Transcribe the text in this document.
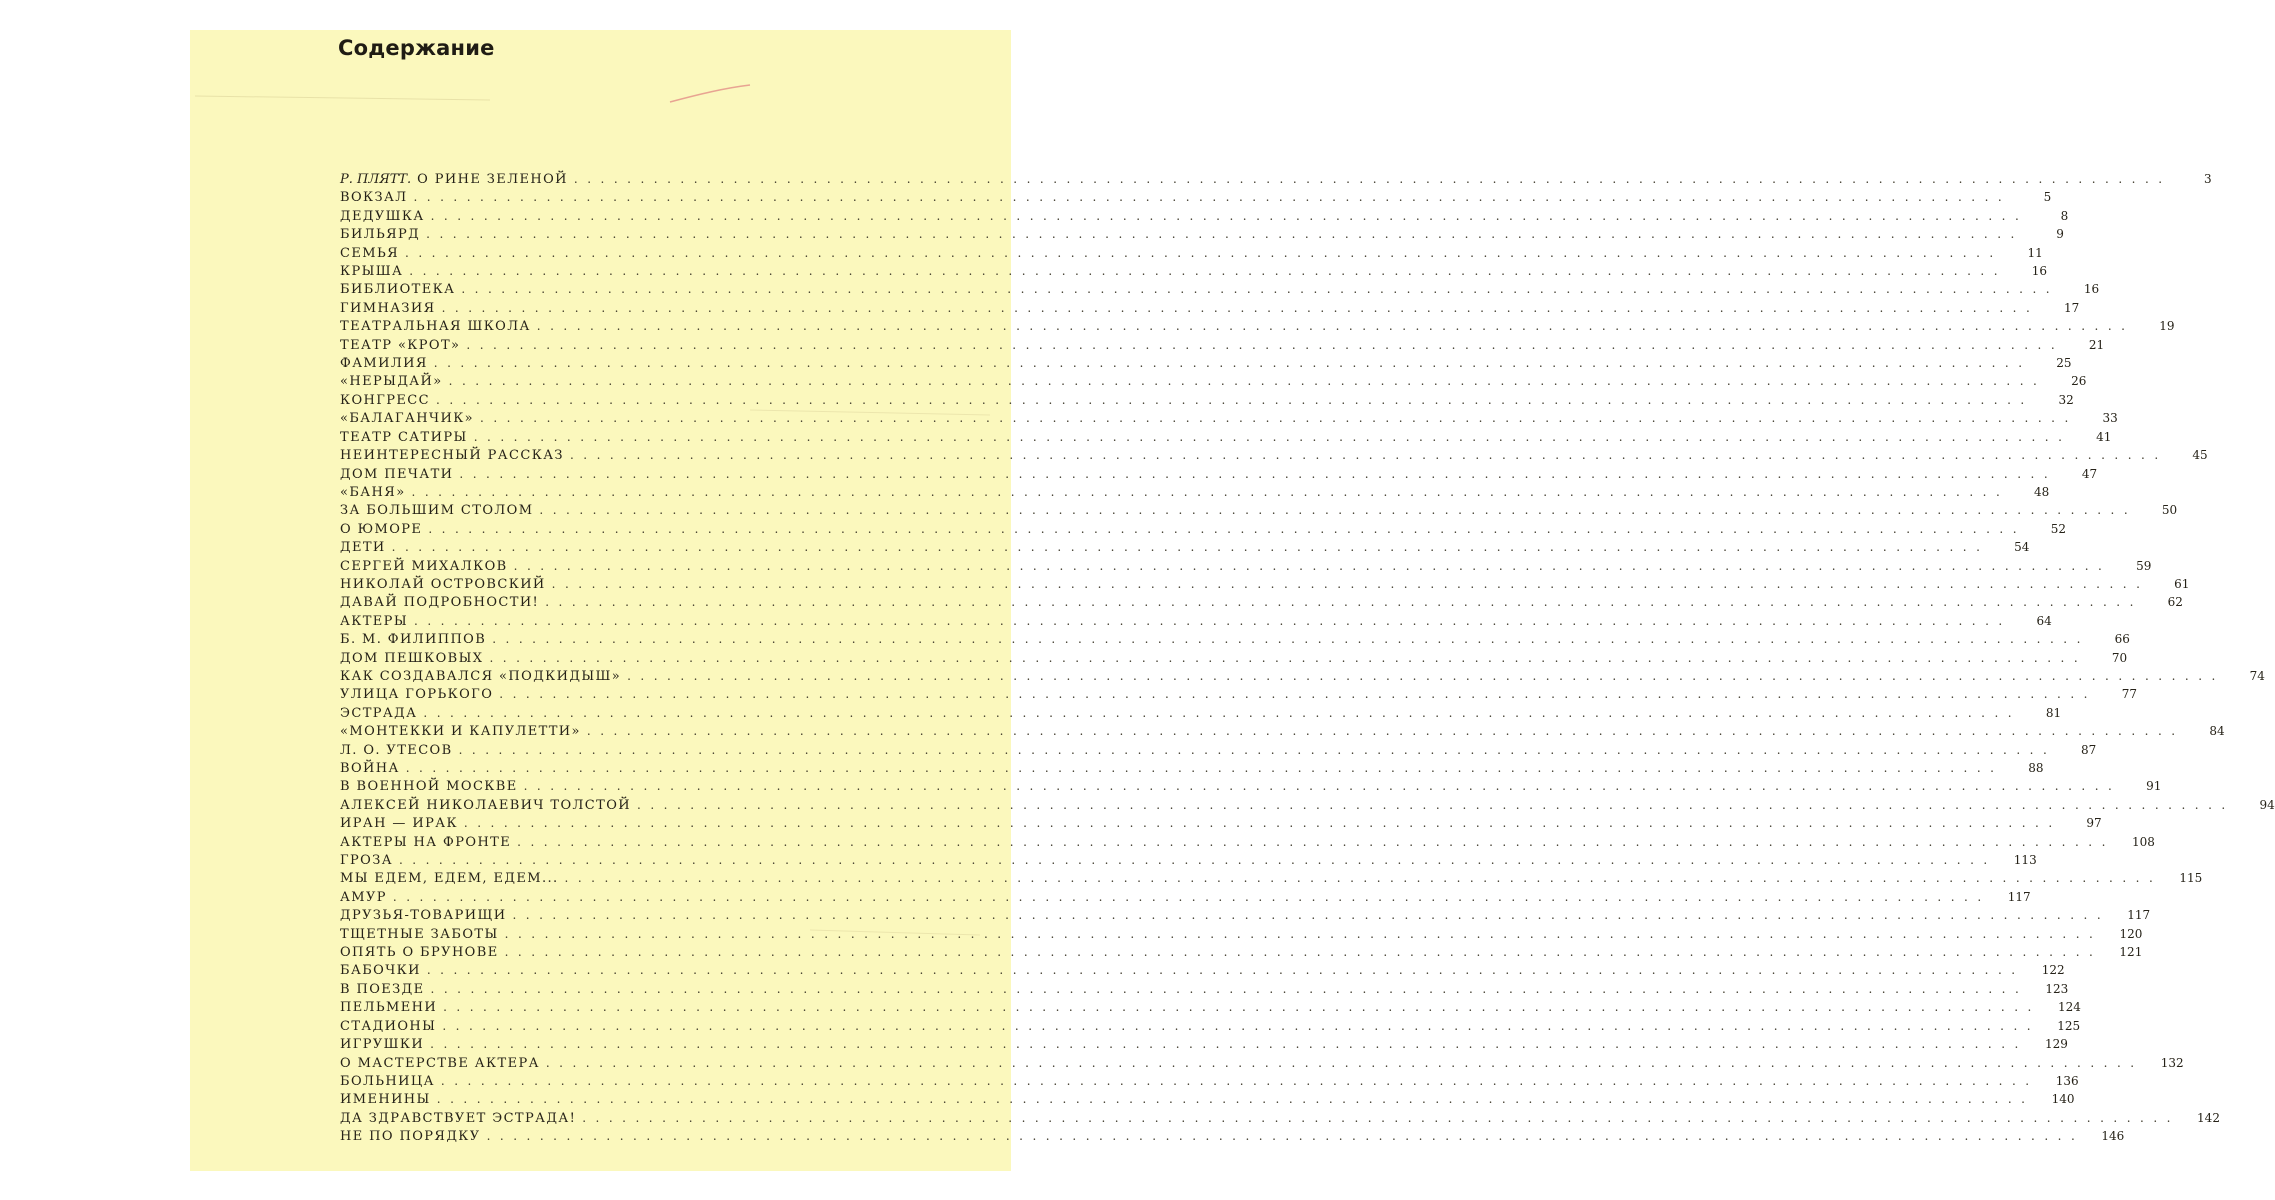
Содержание
Р. ПЛЯТТ. О РИНЕ ЗЕЛЕНОЙ ........................................................................................................................	3
ВОКЗАЛ ........................................................................................................................	5
ДЕДУШКА ........................................................................................................................	8
БИЛЬЯРД ........................................................................................................................	9
СЕМЬЯ ........................................................................................................................	11
КРЫША ........................................................................................................................	16
БИБЛИОТЕКА ........................................................................................................................	16
ГИМНАЗИЯ ........................................................................................................................	17
ТЕАТРАЛЬНАЯ ШКОЛА ........................................................................................................................	19
ТЕАТР «КРОТ» ........................................................................................................................	21
ФАМИЛИЯ ........................................................................................................................	25
«НЕРЫДАЙ» ........................................................................................................................	26
КОНГРЕСС ........................................................................................................................	32
«БАЛАГАНЧИК» ........................................................................................................................	33
ТЕАТР САТИРЫ ........................................................................................................................	41
НЕИНТЕРЕСНЫЙ РАССКАЗ ........................................................................................................................	45
ДОМ ПЕЧАТИ ........................................................................................................................	47
«БАНЯ» ........................................................................................................................	48
ЗА БОЛЬШИМ СТОЛОМ ........................................................................................................................	50
О ЮМОРЕ ........................................................................................................................	52
ДЕТИ ........................................................................................................................	54
СЕРГЕЙ МИХАЛКОВ ........................................................................................................................	59
НИКОЛАЙ ОСТРОВСКИЙ ........................................................................................................................	61
ДАВАЙ ПОДРОБНОСТИ! ........................................................................................................................	62
АКТЕРЫ ........................................................................................................................	64
Б. М. ФИЛИППОВ ........................................................................................................................	66
ДОМ ПЕШКОВЫХ ........................................................................................................................	70
КАК СОЗДАВАЛСЯ «ПОДКИДЫШ» ........................................................................................................................	74
УЛИЦА ГОРЬКОГО ........................................................................................................................	77
ЭСТРАДА ........................................................................................................................	81
«МОНТЕККИ И КАПУЛЕТТИ» ........................................................................................................................	84
Л. О. УТЕСОВ ........................................................................................................................	87
ВОЙНА ........................................................................................................................	88
В ВОЕННОЙ МОСКВЕ ........................................................................................................................	91
АЛЕКСЕЙ НИКОЛАЕВИЧ ТОЛСТОЙ ........................................................................................................................	94
ИРАН — ИРАК ........................................................................................................................	97
АКТЕРЫ НА ФРОНТЕ ........................................................................................................................	108
ГРОЗА ........................................................................................................................	113
МЫ ЕДЕМ, ЕДЕМ, ЕДЕМ... ........................................................................................................................	115
АМУР ........................................................................................................................	117
ДРУЗЬЯ-ТОВАРИЩИ ........................................................................................................................	117
ТЩЕТНЫЕ ЗАБОТЫ ........................................................................................................................	120
ОПЯТЬ О БРУНОВЕ ........................................................................................................................	121
БАБОЧКИ ........................................................................................................................	122
В ПОЕЗДЕ ........................................................................................................................	123
ПЕЛЬМЕНИ ........................................................................................................................	124
СТАДИОНЫ ........................................................................................................................	125
ИГРУШКИ ........................................................................................................................	129
О МАСТЕРСТВЕ АКТЕРА ........................................................................................................................	132
БОЛЬНИЦА ........................................................................................................................	136
ИМЕНИНЫ ........................................................................................................................	140
ДА ЗДРАВСТВУЕТ ЭСТРАДА! ........................................................................................................................	142
НЕ ПО ПОРЯДКУ ........................................................................................................................	146
